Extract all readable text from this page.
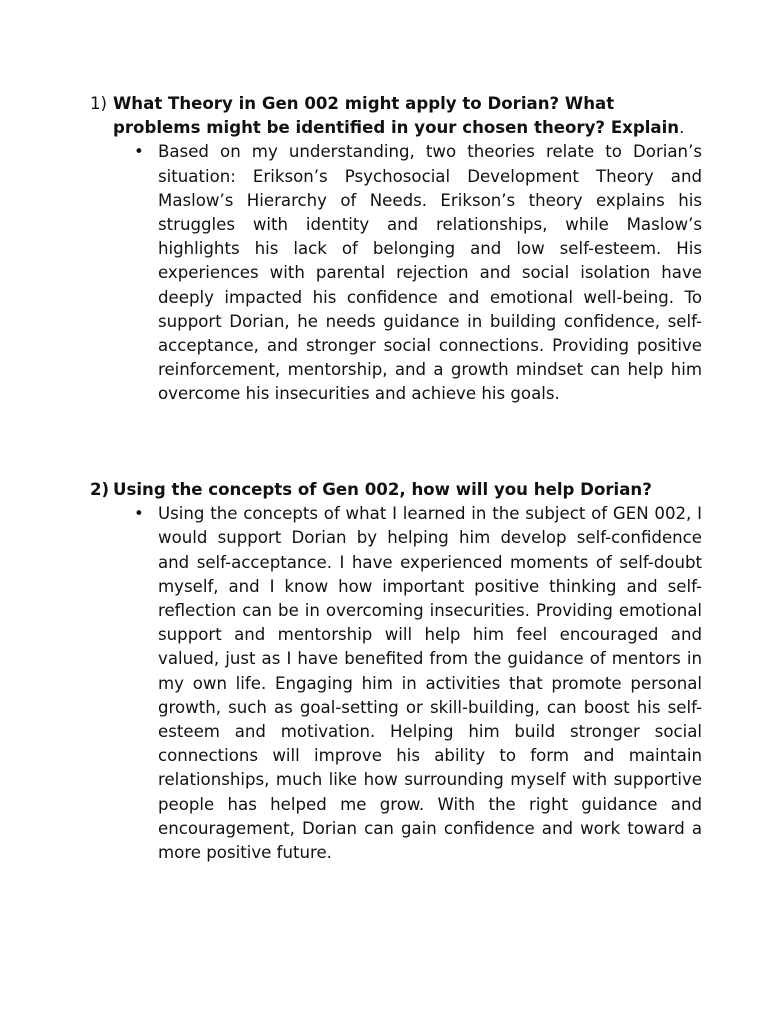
1) What Theory in Gen 002 might apply to Dorian? What problems might be identified in your chosen theory? Explain.
• Based on my understanding, two theories relate to Dorian’s situation: Erikson’s Psychosocial Development Theory and Maslow’s Hierarchy of Needs. Erikson’s theory explains his struggles with identity and relationships, while Maslow’s highlights his lack of belonging and low self-esteem. His experiences with parental rejection and social isolation have deeply impacted his confidence and emotional well-being. To support Dorian, he needs guidance in building confidence, self-acceptance, and stronger social connections. Providing positive reinforcement, mentorship, and a growth mindset can help him overcome his insecurities and achieve his goals.
2) Using the concepts of Gen 002, how will you help Dorian?
• Using the concepts of what I learned in the subject of GEN 002, I would support Dorian by helping him develop self-confidence and self-acceptance. I have experienced moments of self-doubt myself, and I know how important positive thinking and self-reflection can be in overcoming insecurities. Providing emotional support and mentorship will help him feel encouraged and valued, just as I have benefited from the guidance of mentors in my own life. Engaging him in activities that promote personal growth, such as goal-setting or skill-building, can boost his self-esteem and motivation. Helping him build stronger social connections will improve his ability to form and maintain relationships, much like how surrounding myself with supportive people has helped me grow. With the right guidance and encouragement, Dorian can gain confidence and work toward a more positive future.
